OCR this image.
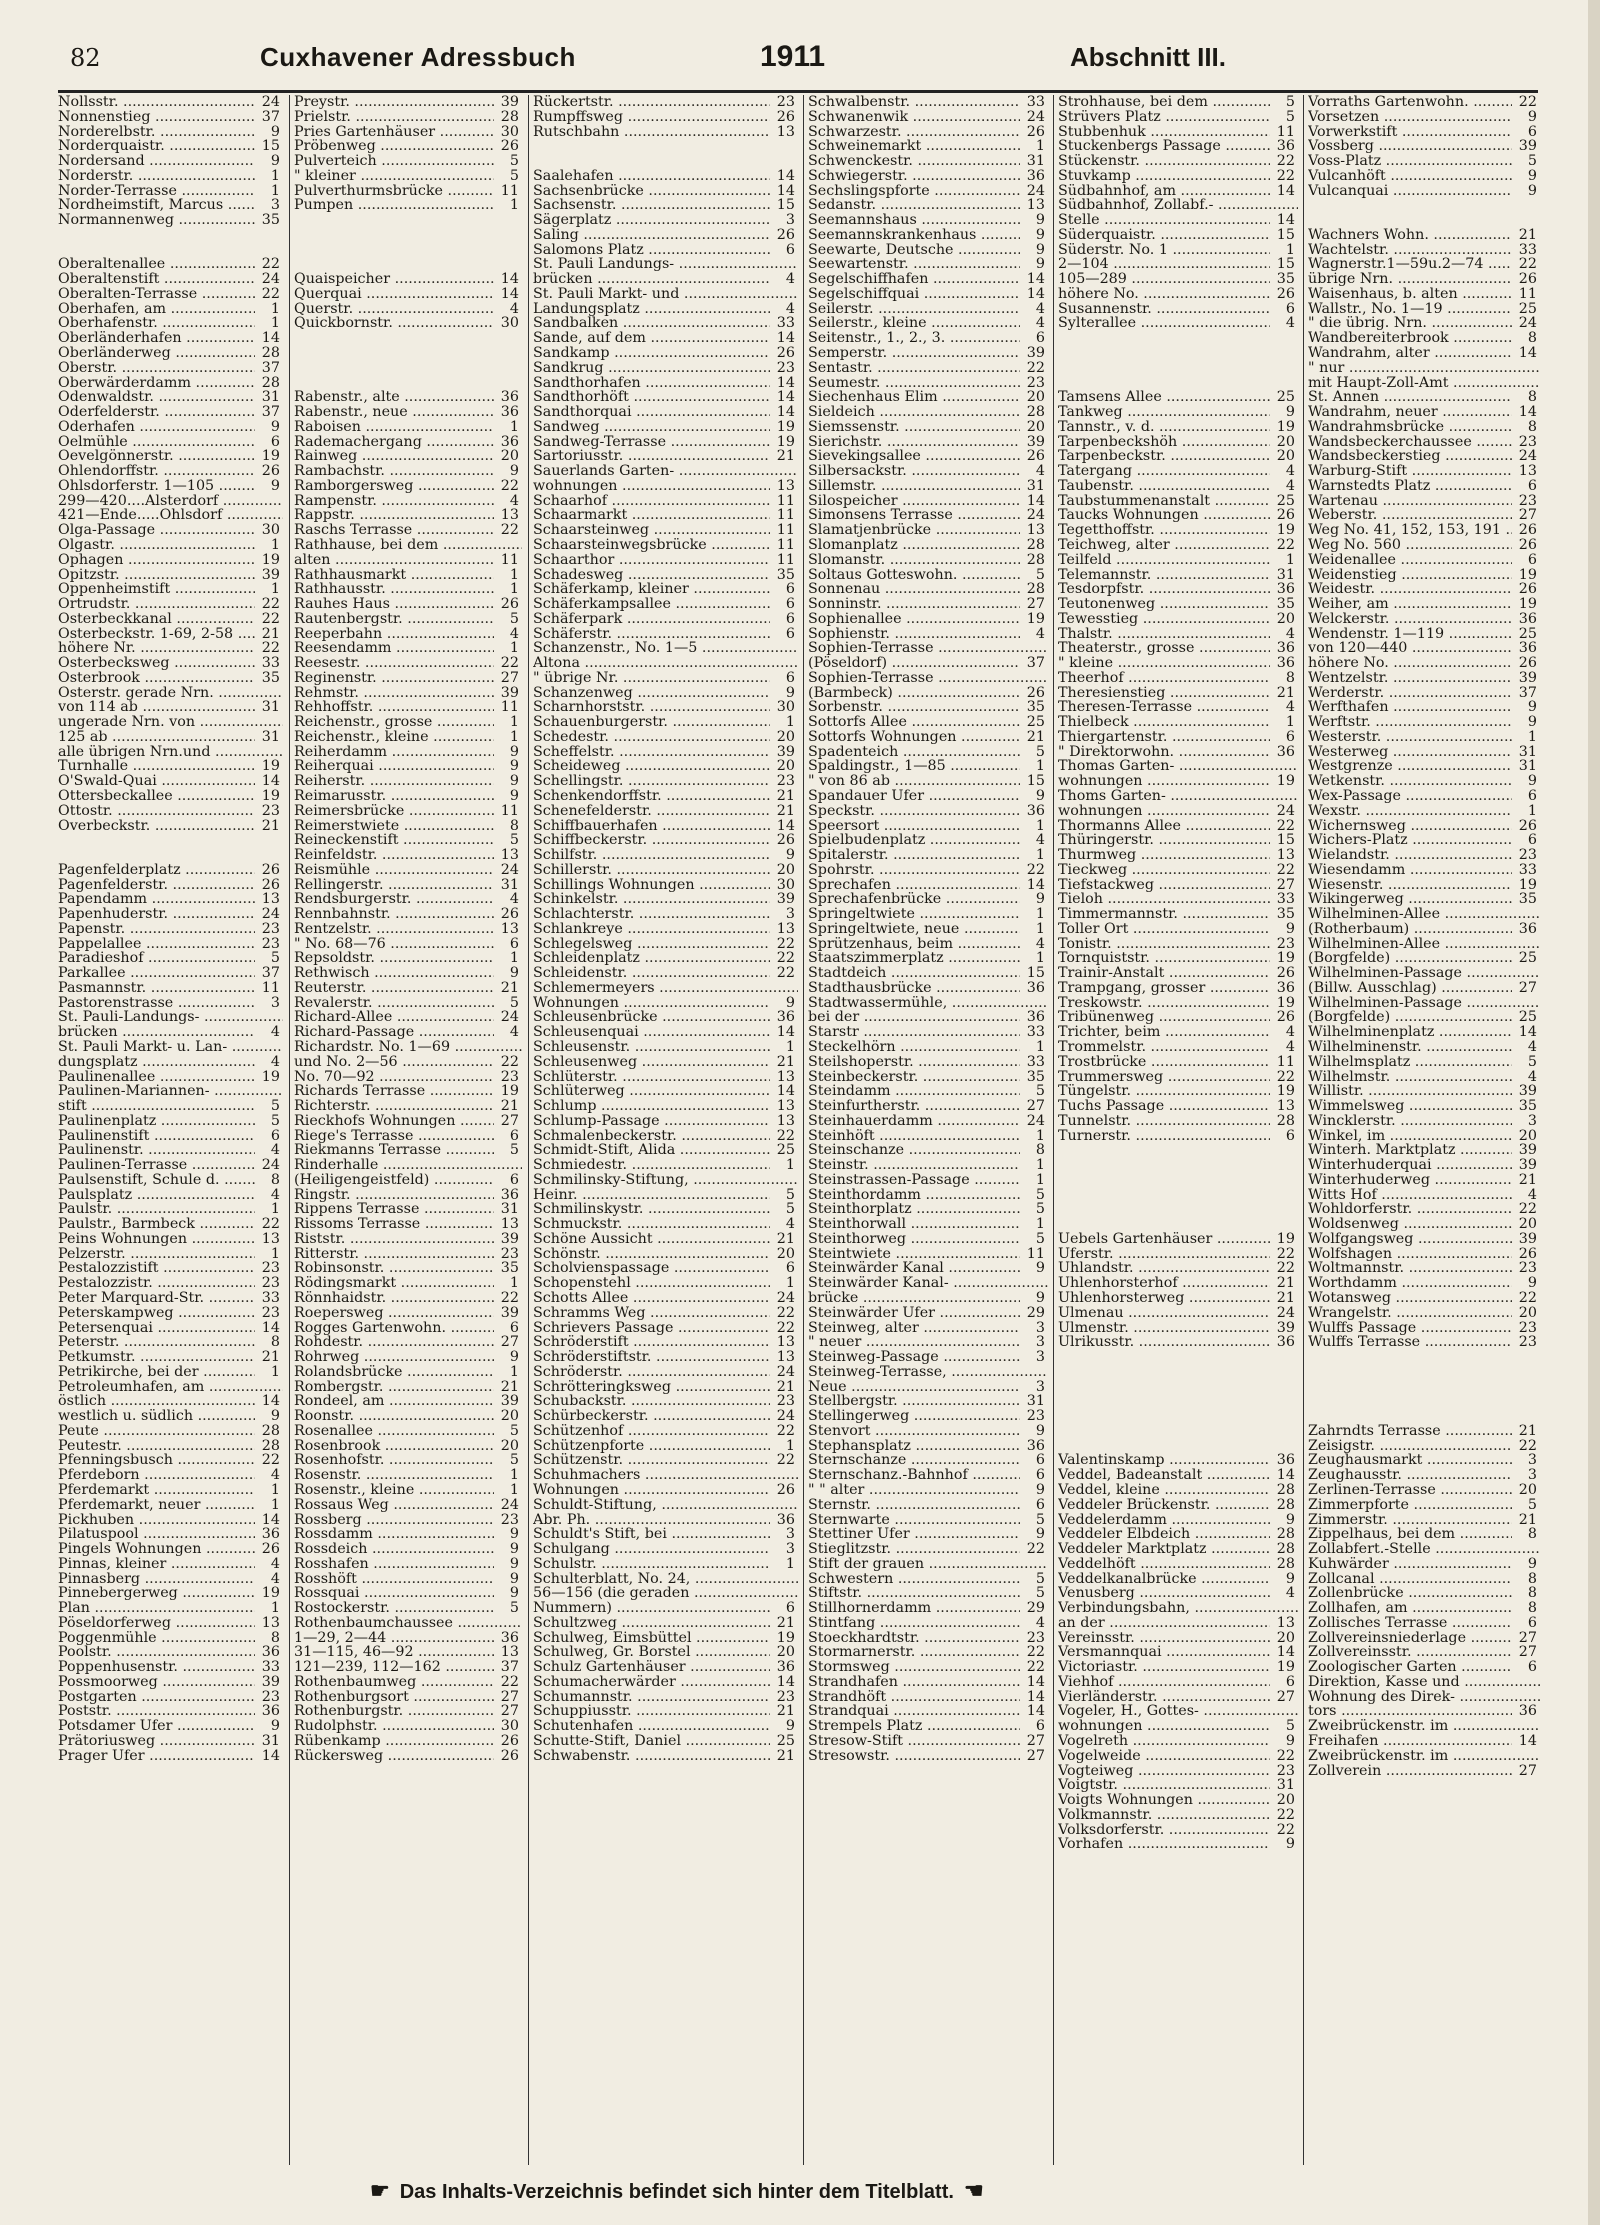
82	Cuxhavener Adressbuch	1911	Abschnitt III.
Nollsstr. .....	24
Nonnenstieg .....	37
Norderelbstr. .....	9
Norderquaistr. .....	15
Nordersand .....	9
Norderstr. .....	1
Norder-Terrasse .....	1
Nordheimstift, Marcus .....	3
Normannenweg .....	35
Oberaltenallee .....	22
Oberaltenstift .....	24
Oberalten-Terrasse .....	22
Oberhafen, am .....	1
Oberhafenstr. .....	1
Oberländerhafen .....	14
Oberländerweg .....	28
Oberstr. .....	37
Oberwärderdamm .....	28
Odenwaldstr. .....	31
Oderfelderstr. .....	37
Oderhafen .....	9
Oelmühle .....	6
Oevelgönnerstr. .....	19
Ohlendorffstr. .....	26
Ohlsdorferstr. 1—105 .....	9
299—420....Alsterdorf .....
421—Ende.....Ohlsdorf .....
Olga-Passage .....	30
Olgastr. .....	1
Ophagen .....	19
Opitzstr. .....	39
Oppenheimstift .....	1
Ortrudstr. .....	22
Osterbeckkanal .....	22
Osterbeckstr. 1-69, 2-58 .....	21
höhere Nr. .....	22
Osterbecksweg .....	33
Osterbrook .....	35
Osterstr. gerade Nrn. .....
von 114 ab .....	31
ungerade Nrn. von .....
125 ab .....	31
alle übrigen Nrn.und .....
Turnhalle .....	19
O'Swald-Quai .....	14
Ottersbeckallee .....	19
Ottostr. .....	23
Overbeckstr. .....	21
Pagenfelderplatz .....	26
Pagenfelderstr. .....	26
Papendamm .....	13
Papenhuderstr. .....	24
Papenstr. .....	23
Pappelallee .....	23
Paradieshof .....	5
Parkallee .....	37
Pasmannstr. .....	11
Pastorenstrasse .....	3
St. Pauli-Landungs- .....
brücken .....	4
St. Pauli Markt- u. Lan- .....
dungsplatz .....	4
Paulinenallee .....	19
Paulinen-Mariannen- .....
stift .....	5
Paulinenplatz .....	5
Paulinenstift .....	6
Paulinenstr. .....	4
Paulinen-Terrasse .....	24
Paulsenstift, Schule d. .....	8
Paulsplatz .....	4
Paulstr. .....	1
Paulstr., Barmbeck .....	22
Peins Wohnungen .....	13
Pelzerstr. .....	1
Pestalozzistift .....	23
Pestalozzistr. .....	23
Peter Marquard-Str. .....	33
Peterskampweg .....	23
Petersenquai .....	14
Peterstr. .....	8
Petkumstr. .....	21
Petrikirche, bei der .....	1
Petroleumhafen, am .....
östlich .....	14
westlich u. südlich .....	9
Peute .....	28
Peutestr. .....	28
Pfenningsbusch .....	22
Pferdeborn .....	4
Pferdemarkt .....	1
Pferdemarkt, neuer .....	1
Pickhuben .....	14
Pilatuspool .....	36
Pingels Wohnungen .....	26
Pinnas, kleiner .....	4
Pinnasberg .....	4
Pinnebergerweg .....	19
Plan .....	1
Pöseldorferweg .....	13
Poggenmühle .....	8
Poolstr. .....	36
Poppenhusenstr. .....	33
Possmoorweg .....	39
Postgarten .....	23
Poststr. .....	36
Potsdamer Ufer .....	9
Prätoriusweg .....	31
Prager Ufer .....	14
Preystr. .....	39
Prielstr. .....	28
Pries Gartenhäuser .....	30
Pröbenweg .....	26
Pulverteich .....	5
" kleiner .....	5
Pulverthurmsbrücke .....	11
Pumpen .....	1
Quaispeicher .....	14
Querquai .....	14
Querstr. .....	4
Quickbornstr. .....	30
Rabenstr., alte .....	36
Rabenstr., neue .....	36
Raboisen .....	1
Rademachergang .....	36
Rainweg .....	20
Rambachstr. .....	9
Ramborgersweg .....	22
Rampenstr. .....	4
Rappstr. .....	13
Raschs Terrasse .....	22
Rathhause, bei dem .....
alten .....	11
Rathhausmarkt .....	1
Rathhausstr. .....	1
Rauhes Haus .....	26
Rautenbergstr. .....	5
Reeperbahn .....	4
Reesendamm .....	1
Reesestr. .....	22
Reginenstr. .....	27
Rehmstr. .....	39
Rehhoffstr. .....	11
Reichenstr., grosse .....	1
Reichenstr., kleine .....	1
Reiherdamm .....	9
Reiherquai .....	9
Reiherstr. .....	9
Reimarusstr. .....	9
Reimersbrücke .....	11
Reimerstwiete .....	8
Reineckenstift .....	5
Reinfeldstr. .....	13
Reismühle .....	24
Rellingerstr. .....	31
Rendsburgerstr. .....	4
Rennbahnstr. .....	26
Rentzelstr. .....	13
" No. 68—76 .....	6
Repsoldstr. .....	1
Rethwisch .....	9
Reuterstr. .....	21
Revalerstr. .....	5
Richard-Allee .....	24
Richard-Passage .....	4
Richardstr. No. 1—69 .....
und No. 2—56 .....	22
No. 70—92 .....	23
Richards Terrasse .....	19
Richterstr. .....	21
Rieckhofs Wohnungen .....	27
Riege's Terrasse .....	6
Riekmanns Terrasse .....	5
Rinderhalle .....
(Heiligengeistfeld) .....	6
Ringstr. .....	36
Rippens Terrasse .....	31
Rissoms Terrasse .....	13
Riststr. .....	39
Ritterstr. .....	23
Robinsonstr. .....	35
Rödingsmarkt .....	1
Rönnhaidstr. .....	22
Roepersweg .....	39
Rogges Gartenwohn. .....	6
Rohdestr. .....	27
Rohrweg .....	9
Rolandsbrücke .....	1
Rombergstr. .....	21
Rondeel, am .....	39
Roonstr. .....	20
Rosenallee .....	5
Rosenbrook .....	20
Rosenhofstr. .....	5
Rosenstr. .....	1
Rosenstr., kleine .....	1
Rossaus Weg .....	24
Rossberg .....	23
Rossdamm .....	9
Rossdeich .....	9
Rosshafen .....	9
Rosshöft .....	9
Rossquai .....	9
Rostockerstr. .....	5
Rothenbaumchaussee .....
1—29, 2—44 .....	36
31—115, 46—92 .....	13
121—239, 112—162 .....	37
Rothenbaumweg .....	22
Rothenburgsort .....	27
Rothenburgstr. .....	27
Rudolphstr. .....	30
Rübenkamp .....	26
Rückersweg .....	26
Rückertstr. .....	23
Rumpffsweg .....	26
Rutschbahn .....	13
Saalehafen .....	14
Sachsenbrücke .....	14
Sachsenstr. .....	15
Sägerplatz .....	3
Saling .....	26
Salomons Platz .....	6
St. Pauli Landungs- .....
brücken .....	4
St. Pauli Markt- und .....
Landungsplatz .....	4
Sandbalken .....	33
Sande, auf dem .....	14
Sandkamp .....	26
Sandkrug .....	23
Sandthorhafen .....	14
Sandthorhöft .....	14
Sandthorquai .....	14
Sandweg .....	19
Sandweg-Terrasse .....	19
Sartoriusstr. .....	21
Sauerlands Garten- .....
wohnungen .....	13
Schaarhof .....	11
Schaarmarkt .....	11
Schaarsteinweg .....	11
Schaarsteinwegsbrücke .....	11
Schaarthor .....	11
Schadesweg .....	35
Schäferkamp, kleiner .....	6
Schäferkampsallee .....	6
Schäferpark .....	6
Schäferstr. .....	6
Schanzenstr., No. 1—5 .....
Altona .....
" übrige Nr. .....	6
Schanzenweg .....	9
Scharnhorststr. .....	30
Schauenburgerstr. .....	1
Schedestr. .....	20
Scheffelstr. .....	39
Scheideweg .....	20
Schellingstr. .....	23
Schenkendorffstr. .....	21
Schenefelderstr. .....	21
Schiffbauerhafen .....	14
Schiffbeckerstr. .....	26
Schilfstr. .....	9
Schillerstr. .....	20
Schillings Wohnungen .....	30
Schinkelstr. .....	39
Schlachterstr. .....	3
Schlankreye .....	13
Schlegelsweg .....	22
Schleidenplatz .....	22
Schleidenstr. .....	22
Schlemermeyers .....
Wohnungen .....	9
Schleusenbrücke .....	36
Schleusenquai .....	14
Schleusenstr. .....	1
Schleusenweg .....	21
Schlüterstr. .....	13
Schlüterweg .....	14
Schlump .....	13
Schlump-Passage .....	13
Schmalenbeckerstr. .....	22
Schmidt-Stift, Alida .....	25
Schmiedestr. .....	1
Schmilinsky-Stiftung, .....
Heinr. .....	5
Schmilinskystr. .....	5
Schmuckstr. .....	4
Schöne Aussicht .....	21
Schönstr. .....	20
Scholvienspassage .....	6
Schopenstehl .....	1
Schotts Allee .....	24
Schramms Weg .....	22
Schrievers Passage .....	22
Schröderstift .....	13
Schröderstiftstr. .....	13
Schröderstr. .....	24
Schrötteringksweg .....	21
Schubackstr. .....	23
Schürbeckerstr. .....	24
Schützenhof .....	22
Schützenpforte .....	1
Schützenstr. .....	22
Schuhmachers .....
Wohnungen .....	26
Schuldt-Stiftung, .....
Abr. Ph. .....	36
Schuldt's Stift, bei .....	3
Schulgang .....	3
Schulstr. .....	1
Schulterblatt, No. 24, .....
56—156 (die geraden .....
Nummern) .....	6
Schultzweg .....	21
Schulweg, Eimsbüttel .....	19
Schulweg, Gr. Borstel .....	20
Schulz Gartenhäuser .....	36
Schumacherwärder .....	14
Schumannstr. .....	23
Schuppiusstr. .....	21
Schutenhafen .....	9
Schutte-Stift, Daniel .....	25
Schwabenstr. .....	21
Schwalbenstr. .....	33
Schwanenwik .....	24
Schwarzestr. .....	26
Schweinemarkt .....	1
Schwenckestr. .....	31
Schwiegerstr. .....	36
Sechslingspforte .....	24
Sedanstr. .....	13
Seemannshaus .....	9
Seemannskrankenhaus .....	9
Seewarte, Deutsche .....	9
Seewartenstr. .....	9
Segelschiffhafen .....	14
Segelschiffquai .....	14
Seilerstr. .....	4
Seilerstr., kleine .....	4
Seitenstr., 1., 2., 3. .....	6
Semperstr. .....	39
Sentastr. .....	22
Seumestr. .....	23
Siechenhaus Elim .....	20
Sieldeich .....	28
Siemssenstr. .....	20
Sierichstr. .....	39
Sievekingsallee .....	26
Silbersackstr. .....	4
Sillemstr. .....	31
Silospeicher .....	14
Simonsens Terrasse .....	24
Slamatjenbrücke .....	13
Slomanplatz .....	28
Slomanstr. .....	28
Soltaus Gotteswohn. .....	5
Sonnenau .....	28
Sonninstr. .....	27
Sophienallee .....	19
Sophienstr. .....	4
Sophien-Terrasse .....
(Pöseldorf) .....	37
Sophien-Terrasse .....
(Barmbeck) .....	26
Sorbenstr. .....	35
Sottorfs Allee .....	25
Sottorfs Wohnungen .....	21
Spadenteich .....	5
Spaldingstr., 1—85 .....	1
" von 86 ab .....	15
Spandauer Ufer .....	9
Speckstr. .....	36
Speersort .....	1
Spielbudenplatz .....	4
Spitalerstr. .....	1
Spohrstr. .....	22
Sprechafen .....	14
Sprechafenbrücke .....	9
Springeltwiete .....	1
Springeltwiete, neue .....	1
Sprützenhaus, beim .....	4
Staatszimmerplatz .....	1
Stadtdeich .....	15
Stadthausbrücke .....	36
Stadtwassermühle, .....
bei der .....	36
Starstr .....	33
Steckelhörn .....	1
Steilshoperstr. .....	33
Steinbeckerstr. .....	35
Steindamm .....	5
Steinfurtherstr. .....	27
Steinhauerdamm .....	24
Steinhöft .....	1
Steinschanze .....	8
Steinstr. .....	1
Steinstrassen-Passage .....	1
Steinthordamm .....	5
Steinthorplatz .....	5
Steinthorwall .....	1
Steinthorweg .....	5
Steintwiete .....	11
Steinwärder Kanal .....	9
Steinwärder Kanal- .....
brücke .....	9
Steinwärder Ufer .....	29
Steinweg, alter .....	3
" neuer .....	3
Steinweg-Passage .....	3
Steinweg-Terrasse, .....
Neue .....	3
Stellbergstr. .....	31
Stellingerweg .....	23
Stenvort .....	9
Stephansplatz .....	36
Sternschanze .....	6
Sternschanz.-Bahnhof .....	6
" " alter .....	9
Sternstr. .....	6
Sternwarte .....	5
Stettiner Ufer .....	9
Stieglitzstr. .....	22
Stift der grauen .....
Schwestern .....	5
Stiftstr. .....	5
Stillhornerdamm .....	29
Stintfang .....	4
Stoeckhardtstr. .....	23
Stormarnerstr. .....	22
Stormsweg .....	22
Strandhafen .....	14
Strandhöft .....	14
Strandquai .....	14
Strempels Platz .....	6
Stresow-Stift .....	27
Stresowstr. .....	27
Strohhause, bei dem .....	5
Strüvers Platz .....	5
Stubbenhuk .....	11
Stuckenbergs Passage .....	36
Stückenstr. .....	22
Stuvkamp .....	22
Südbahnhof, am .....	14
Südbahnhof, Zollabf.- .....
Stelle .....	14
Süderquaistr. .....	15
Süderstr. No. 1 .....	1
2—104 .....	15
105—289 .....	35
höhere No. .....	26
Susannenstr. .....	6
Sylterallee .....	4
Tamsens Allee .....	25
Tankweg .....	9
Tannstr., v. d. .....	19
Tarpenbeckshöh .....	20
Tarpenbeckstr. .....	20
Tatergang .....	4
Taubenstr. .....	4
Taubstummenanstalt .....	25
Taucks Wohnungen .....	26
Tegetthoffstr. .....	19
Teichweg, alter .....	22
Teilfeld .....	1
Telemannstr. .....	31
Tesdorpfstr. .....	36
Teutonenweg .....	35
Tewesstieg .....	20
Thalstr. .....	4
Theaterstr., grosse .....	36
" kleine .....	36
Theerhof .....	8
Theresienstieg .....	21
Theresen-Terrasse .....	4
Thielbeck .....	1
Thiergartenstr. .....	6
" Direktorwohn. .....	36
Thomas Garten- .....
wohnungen .....	19
Thoms Garten- .....
wohnungen .....	24
Thormanns Allee .....	22
Thüringerstr. .....	15
Thurmweg .....	13
Tieckweg .....	22
Tiefstackweg .....	27
Tieloh .....	33
Timmermannstr. .....	35
Toller Ort .....	9
Tonistr. .....	23
Tornquiststr. .....	19
Trainir-Anstalt .....	26
Trampgang, grosser .....	36
Treskowstr. .....	19
Tribünenweg .....	26
Trichter, beim .....	4
Trommelstr. .....	4
Trostbrücke .....	11
Trummersweg .....	22
Tüngelstr. .....	19
Tuchs Passage .....	13
Tunnelstr. .....	28
Turnerstr. .....	6
Uebels Gartenhäuser .....	19
Uferstr. .....	22
Uhlandstr. .....	22
Uhlenhorsterhof .....	21
Uhlenhorsterweg .....	21
Ulmenau .....	24
Ulmenstr. .....	39
Ulrikusstr. .....	36
Valentinskamp .....	36
Veddel, Badeanstalt .....	14
Veddel, kleine .....	28
Veddeler Brückenstr. .....	28
Veddelerdamm .....	9
Veddeler Elbdeich .....	28
Veddeler Marktplatz .....	28
Veddelhöft .....	28
Veddelkanalbrücke .....	9
Venusberg .....	4
Verbindungsbahn, .....
an der .....	13
Vereinsstr. .....	20
Versmannquai .....	14
Victoriastr. .....	19
Viehhof .....	6
Vierländerstr. .....	27
Vogeler, H., Gottes- .....
wohnungen .....	5
Vogelreth .....	9
Vogelweide .....	22
Vogteiweg .....	23
Voigtstr. .....	31
Voigts Wohnungen .....	20
Volkmannstr. .....	22
Volksdorferstr. .....	22
Vorhafen .....	9
Vorraths Gartenwohn. .....	22
Vorsetzen .....	9
Vorwerkstift .....	6
Vossberg .....	39
Voss-Platz .....	5
Vulcanhöft .....	9
Vulcanquai .....	9
Wachners Wohn. .....	21
Wachtelstr. .....	33
Wagnerstr.1—59u.2—74 .....	22
übrige Nrn. .....	26
Waisenhaus, b. alten .....	11
Wallstr., No. 1—19 .....	25
" die übrig. Nrn. .....	24
Wandbereiterbrook .....	8
Wandrahm, alter .....	14
" nur .....
mit Haupt-Zoll-Amt .....
St. Annen .....	8
Wandrahm, neuer .....	14
Wandrahmsbrücke .....	8
Wandsbeckerchaussee .....	23
Wandsbeckerstieg .....	24
Warburg-Stift .....	13
Warnstedts Platz .....	6
Wartenau .....	23
Weberstr. .....	27
Weg No. 41, 152, 153, 191 .....	26
Weg No. 560 .....	26
Weidenallee .....	6
Weidenstieg .....	19
Weidestr. .....	26
Weiher, am .....	19
Welckerstr. .....	36
Wendenstr. 1—119 .....	25
von 120—440 .....	36
höhere No. .....	26
Wentzelstr. .....	39
Werderstr. .....	37
Werfthafen .....	9
Werftstr. .....	9
Westerstr. .....	1
Westerweg .....	31
Westgrenze .....	31
Wetkenstr. .....	9
Wex-Passage .....	6
Wexstr. .....	1
Wichernsweg .....	26
Wichers-Platz .....	6
Wielandstr. .....	23
Wiesendamm .....	33
Wiesenstr. .....	19
Wikingerweg .....	35
Wilhelminen-Allee .....
(Rotherbaum) .....	36
Wilhelminen-Allee .....
(Borgfelde) .....	25
Wilhelminen-Passage .....
(Billw. Ausschlag) .....	27
Wilhelminen-Passage .....
(Borgfelde) .....	25
Wilhelminenplatz .....	14
Wilhelminenstr. .....	4
Wilhelmsplatz .....	5
Wilhelmstr. .....	4
Willistr. .....	39
Wimmelsweg .....	35
Wincklerstr. .....	3
Winkel, im .....	20
Winterh. Marktplatz .....	39
Winterhuderquai .....	39
Winterhuderweg .....	21
Witts Hof .....	4
Wohldorferstr. .....	22
Woldsenweg .....	20
Wolfgangsweg .....	39
Wolfshagen .....	26
Woltmannstr. .....	23
Worthdamm .....	9
Wotansweg .....	22
Wrangelstr. .....	20
Wulffs Passage .....	23
Wulffs Terrasse .....	23
Zahrndts Terrasse .....	21
Zeisigstr. .....	22
Zeughausmarkt .....	3
Zeughausstr. .....	3
Zerlinen-Terrasse .....	20
Zimmerpforte .....	5
Zimmerstr. .....	21
Zippelhaus, bei dem .....	8
Zollabfert.-Stelle .....
Kuhwärder .....	9
Zollcanal .....	8
Zollenbrücke .....	8
Zollhafen, am .....	8
Zollisches Terrasse .....	6
Zollvereinsniederlage .....	27
Zollvereinsstr. .....	27
Zoologischer Garten .....	6
Direktion, Kasse und .....
Wohnung des Direk- .....
tors .....	36
Zweibrückenstr. im .....
Freihafen .....	14
Zweibrückenstr. im .....
Zollverein .....	27
☛ Das Inhalts-Verzeichnis befindet sich hinter dem Titelblatt. ☚
